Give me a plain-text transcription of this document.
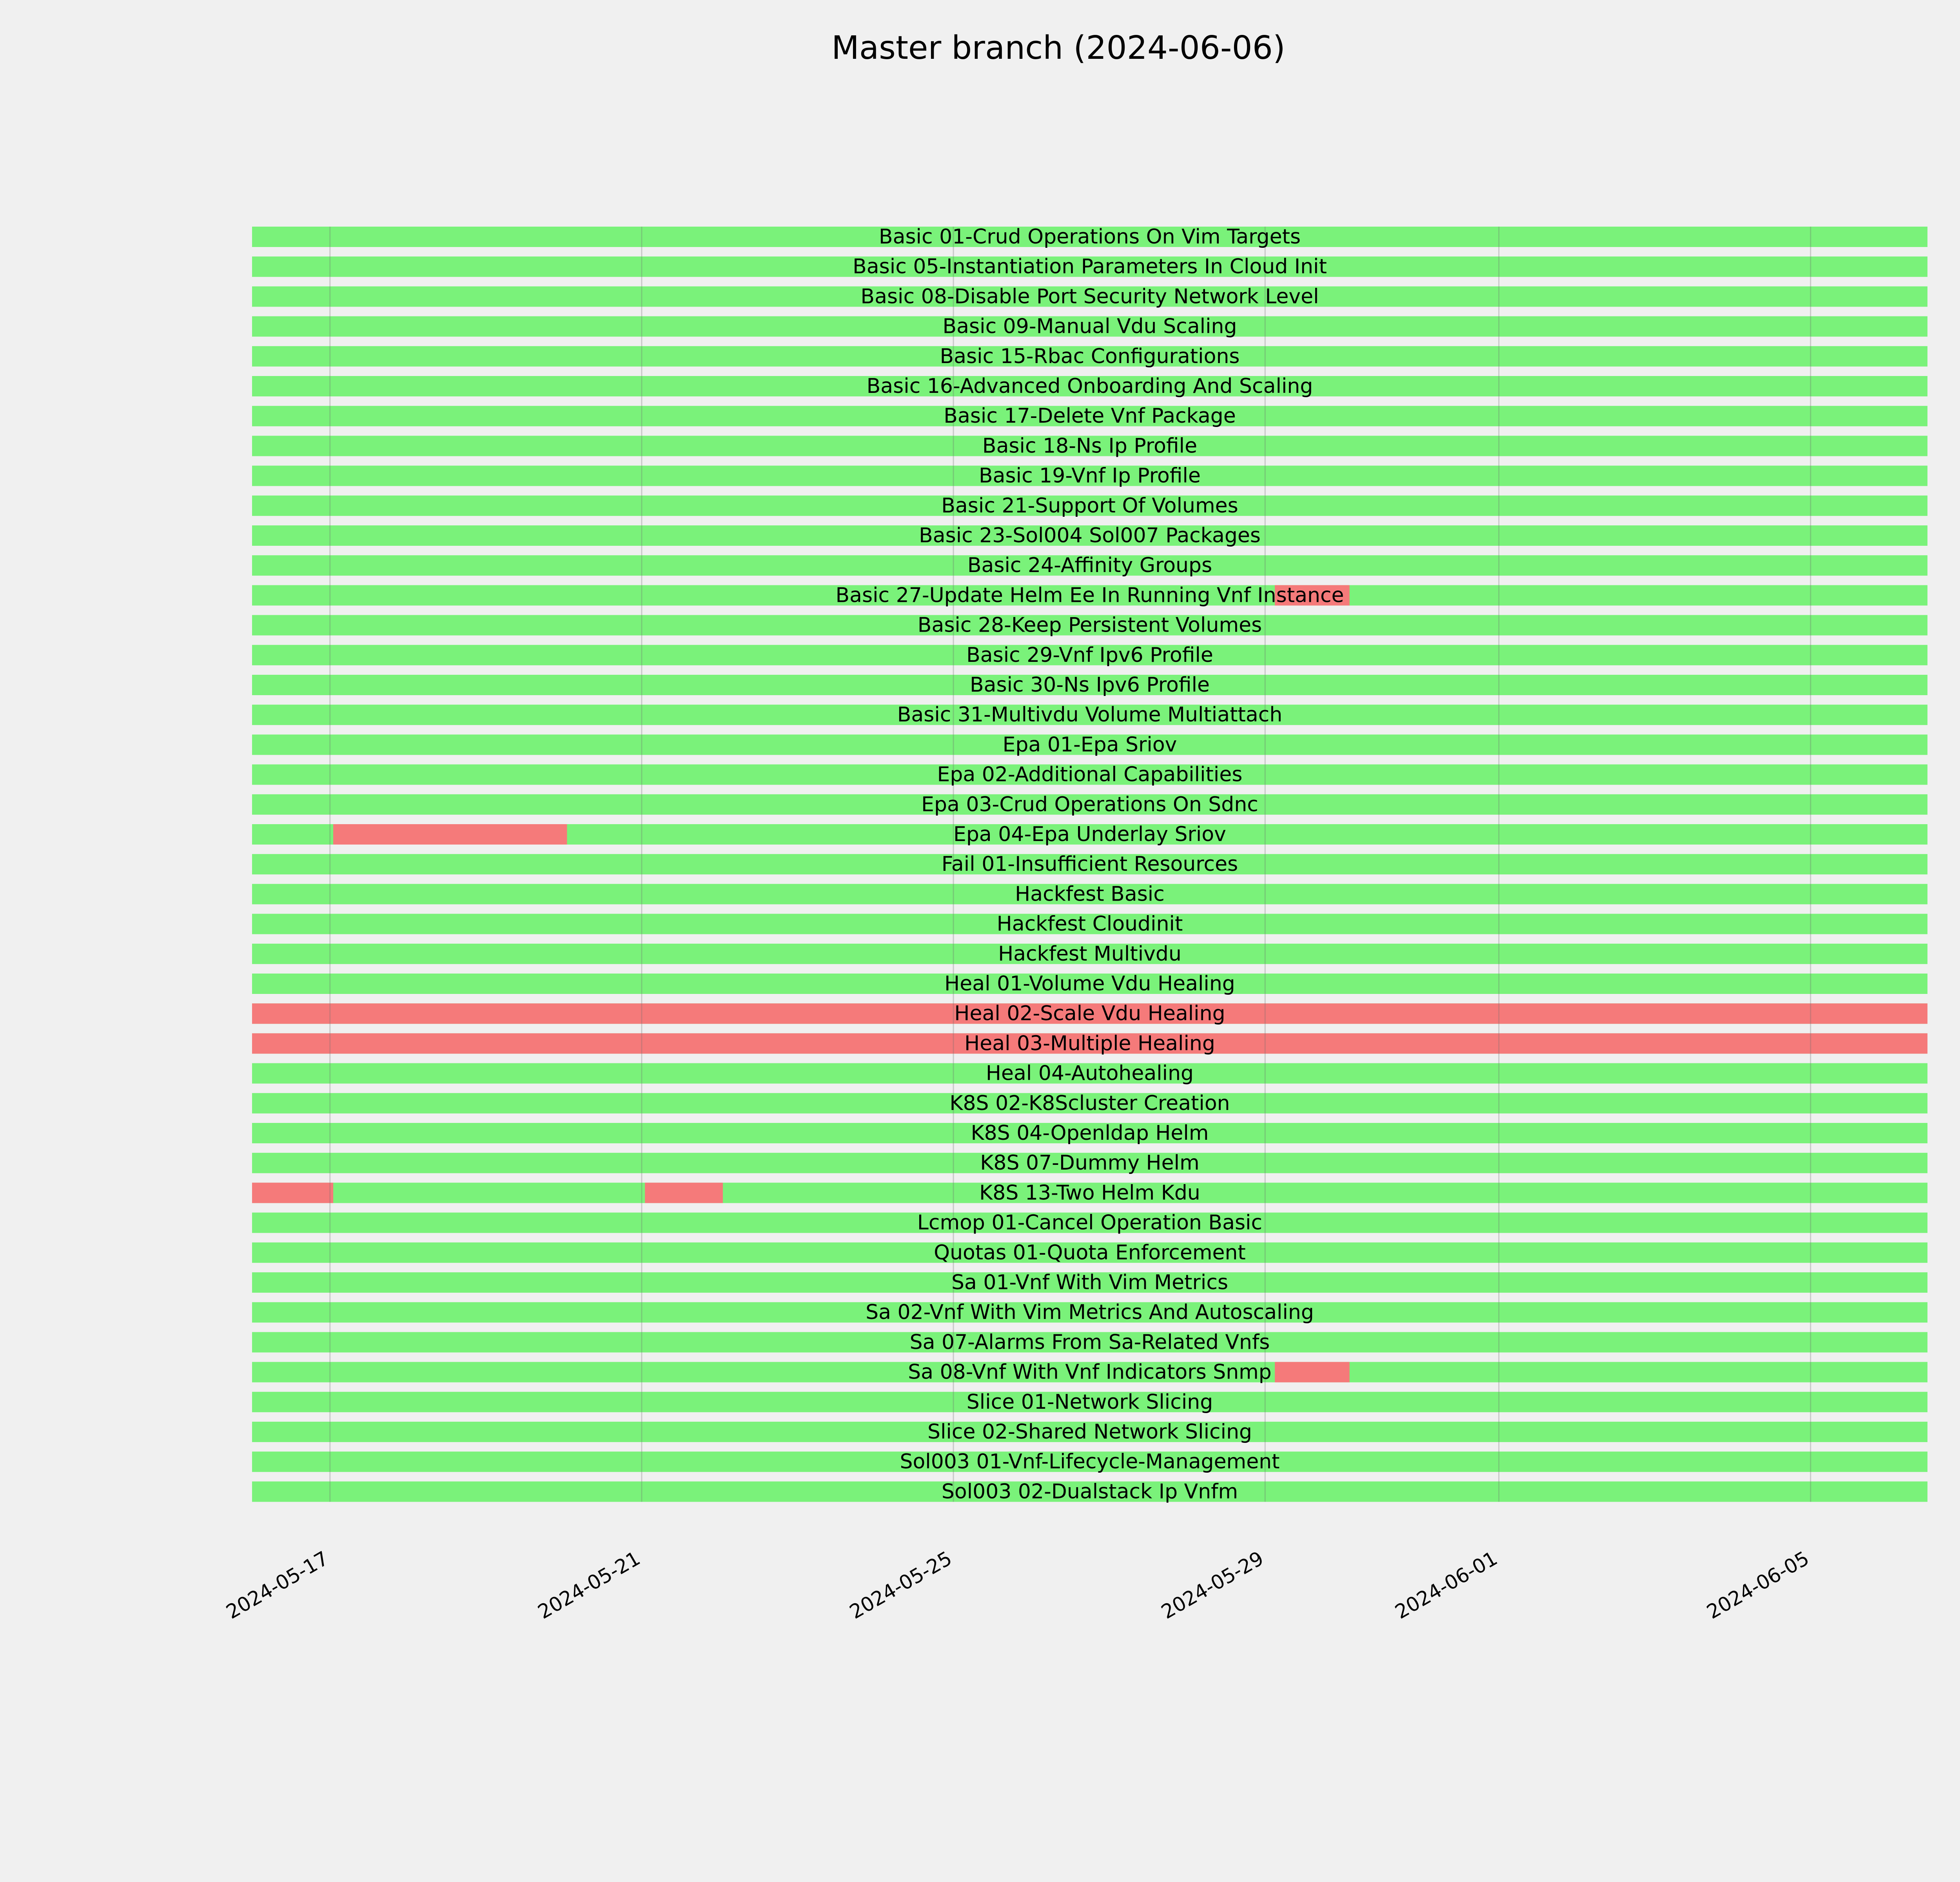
Master branch (2024-06-06)
Basic 01-Crud Operations On Vim Targets
Basic 05-Instantiation Parameters In Cloud Init
Basic 08-Disable Port Security Network Level
Basic 09-Manual Vdu Scaling
Basic 15-Rbac Configurations
Basic 16-Advanced Onboarding And Scaling
Basic 17-Delete Vnf Package
Basic 18-Ns Ip Profile
Basic 19-Vnf Ip Profile
Basic 21-Support Of Volumes
Basic 23-Sol004 Sol007 Packages
Basic 24-Affinity Groups
Basic 27-Update Helm Ee In Running Vnf Instance
Basic 28-Keep Persistent Volumes
Basic 29-Vnf Ipv6 Profile
Basic 30-Ns Ipv6 Profile
Basic 31-Multivdu Volume Multiattach
Epa 01-Epa Sriov
Epa 02-Additional Capabilities
Epa 03-Crud Operations On Sdnc
Epa 04-Epa Underlay Sriov
Fail 01-Insufficient Resources
Hackfest Basic
Hackfest Cloudinit
Hackfest Multivdu
Heal 01-Volume Vdu Healing
Heal 02-Scale Vdu Healing
Heal 03-Multiple Healing
Heal 04-Autohealing
K8S 02-K8Scluster Creation
K8S 04-Openldap Helm
K8S 07-Dummy Helm
K8S 13-Two Helm Kdu
Lcmop 01-Cancel Operation Basic
Quotas 01-Quota Enforcement
Sa 01-Vnf With Vim Metrics
Sa 02-Vnf With Vim Metrics And Autoscaling
Sa 07-Alarms From Sa-Related Vnfs
Sa 08-Vnf With Vnf Indicators Snmp
Slice 01-Network Slicing
Slice 02-Shared Network Slicing
Sol003 01-Vnf-Lifecycle-Management
Sol003 02-Dualstack Ip Vnfm
2024-05-17	2024-05-21	2024-05-25	2024-05-29	2024-06-01	2024-06-05
